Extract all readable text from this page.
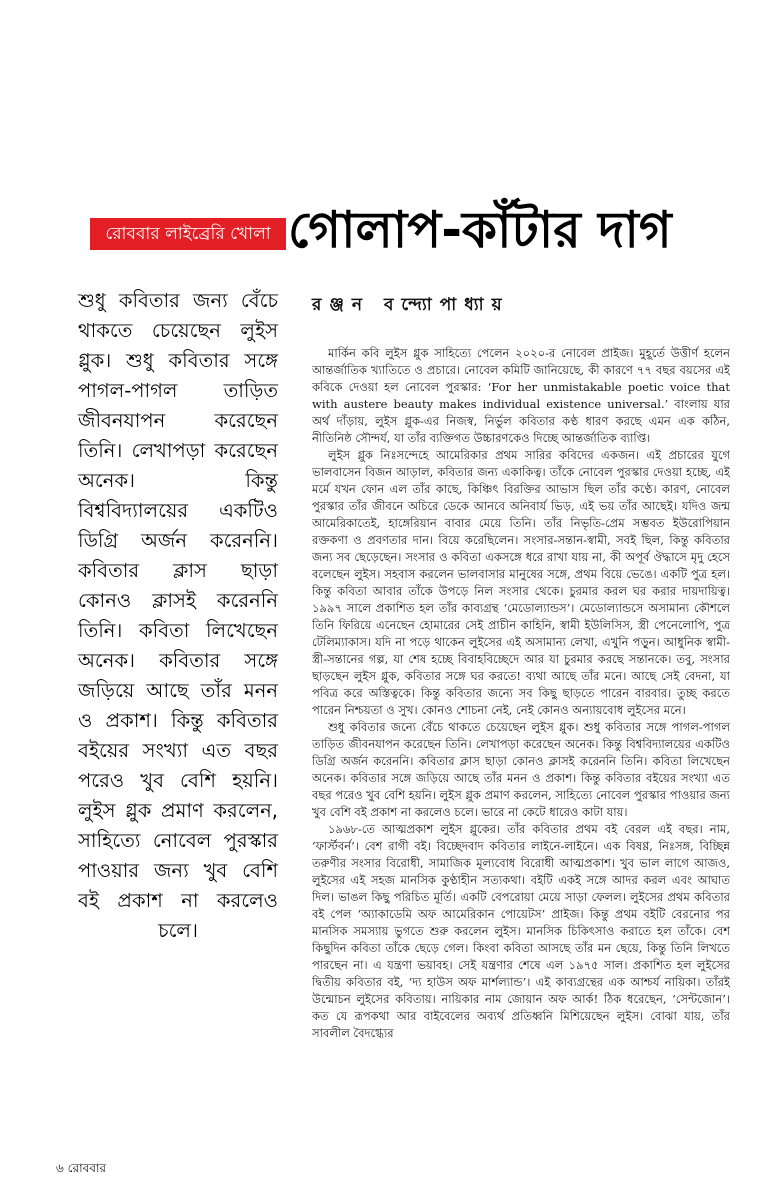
রোববার লাইব্রেরি খোলা গোলাপ-কাঁটার দাগ
রঞ্জন বন্দ্যোপাধ্যায়
শুধু কবিতার জন্য বেঁচে থাকতে চেয়েছেন লুইস গ্লুক। শুধু কবিতার সঙ্গে পাগল-পাগল তাড়িত জীবনযাপন করেছেন তিনি। লেখাপড়া করেছেন অনেক। কিন্তু বিশ্ববিদ্যালয়ের একটিও ডিগ্রি অর্জন করেননি। কবিতার ক্লাস ছাড়া কোনও ক্লাসই করেননি তিনি। কবিতা লিখেছেন অনেক। কবিতার সঙ্গে জড়িয়ে আছে তাঁর মনন ও প্রকাশ। কিন্তু কবিতার বইয়ের সংখ্যা এত বছর পরেও খুব বেশি হয়নি। লুইস গ্লুক প্রমাণ করলেন, সাহিত্যে নোবেল পুরস্কার পাওয়ার জন্য খুব বেশি বই প্রকাশ না করলেও চলে।

মার্কিন কবি লুইস গ্লুক সাহিত্যে পেলেন ২০২০-র নোবেল প্রাইজ। মুহূর্তে উত্তীর্ণ হলেন আন্তর্জাতিক খ্যাতিতে ও প্রচারে। নোবেল কমিটি জানিয়েছে, কী কারণে ৭৭ বছর বয়সের এই কবিকে দেওয়া হল নোবেল পুরস্কার: ‘For her unmistakable poetic voice that with austere beauty makes individual existence universal.’ বাংলায় যার অর্থ দাঁড়ায়, লুইস গ্লুক-এর নিজস্ব, নির্ভুল কবিতার কণ্ঠ ধারণ করছে এমন এক কঠিন, নীতিনিষ্ঠ সৌন্দর্য, যা তাঁর ব্যক্তিগত উচ্চারণকেও দিচ্ছে আন্তর্জাতিক ব্যাপ্তি।

লুইস গ্লুক নিঃসন্দেহে আমেরিকার প্রথম সারির কবিদের একজন। এই প্রচারের যুগে ভালবাসেন বিজন আড়াল, কবিতার জন্য একাকিত্ব। তাঁকে নোবেল পুরস্কার দেওয়া হচ্ছে, এই মর্মে যখন ফোন এল তাঁর কাছে, কিঞ্চিৎ বিরক্তির আভাস ছিল তাঁর কণ্ঠে। কারণ, নোবেল পুরস্কার তাঁর জীবনে অচিরে ডেকে আনবে অনিবার্য ভিড়, এই ভয় তাঁর আছেই। যদিও জন্ম আমেরিকাতেই, হাঙ্গেরিয়ান বাবার মেয়ে তিনি। তাঁর নিভৃতি-প্রেম সম্ভবত ইউরোপিয়ান রক্তকণা ও প্রবণতার দান। বিয়ে করেছিলেন। সংসার-সন্তান-স্বামী, সবই ছিল, কিন্তু কবিতার জন্য সব ছেড়েছেন। সংসার ও কবিতা একসঙ্গে ধরে রাখা যায় না, কী অপূর্ব ঔদ্ধাসে মৃদু হেসে বলেছেন লুইস। সহবাস করলেন ভালবাসার মানুষের সঙ্গে, প্রথম বিয়ে ভেঙে। একটি পুত্র হল। কিন্তু কবিতা আবার তাঁকে উপড়ে নিল সংসার থেকে। চুরমার করল ঘর করার দায়দায়িত্ব। ১৯৯৭ সালে প্রকাশিত হল তাঁর কাব্যগ্রন্থ ‘মেডোল্যান্ডস’। মেডোল্যান্ডসে অসামান্য কৌশলে তিনি ফিরিয়ে এনেছেন হোমারের সেই প্রাচীন কাহিনি, স্বামী ইউলিসিস, স্ত্রী পেনেলোপি, পুত্র টেলিম্যাকাস। যদি না পড়ে থাকেন লুইসের এই অসামান্য লেখা, এখুনি পড়ুন। আধুনিক স্বামী-স্ত্রী-সন্তানের গল্প, যা শেষ হচ্ছে বিবাহবিচ্ছেদে আর যা চুরমার করছে সন্তানকে। তবু, সংসার ছাড়ছেন লুইস গ্লুক, কবিতার সঙ্গে ঘর করতে! ব্যথা আছে তাঁর মনে। আছে সেই বেদনা, যা পবিত্র করে অস্তিত্বকে। কিন্তু কবিতার জন্যে সব কিছু ছাড়তে পারেন বারবার। তুচ্ছ করতে পারেন নিশ্চয়তা ও সুখ। কোনও শোচনা নেই, নেই কোনও অন্যায়বোধ লুইসের মনে।

শুধু কবিতার জন্যে বেঁচে থাকতে চেয়েছেন লুইস গ্লুক। শুধু কবিতার সঙ্গে পাগল-পাগল তাড়িত জীবনযাপন করেছেন তিনি। লেখাপড়া করেছেন অনেক। কিন্তু বিশ্ববিদ্যালয়ের একটিও ডিগ্রি অর্জন করেননি। কবিতার ক্লাস ছাড়া কোনও ক্লাসই করেননি তিনি। কবিতা লিখেছেন অনেক। কবিতার সঙ্গে জড়িয়ে আছে তাঁর মনন ও প্রকাশ। কিন্তু কবিতার বইয়ের সংখ্যা এত বছর পরেও খুব বেশি হয়নি। লুইস গ্লুক প্রমাণ করলেন, সাহিত্যে নোবেল পুরস্কার পাওয়ার জন্য খুব বেশি বই প্রকাশ না করলেও চলে। ভারে না কেটে ধারেও কাটা যায়।

১৯৬৮-তে আত্মপ্রকাশ লুইস গ্লুকের। তাঁর কবিতার প্রথম বই বেরল এই বছর। নাম, ‘ফার্স্টবর্ন’। বেশ রাগী বই। বিচ্ছেদবাদ কবিতার লাইনে-লাইনে। এক বিষণ্ণ, নিঃসঙ্গ, বিচ্ছিন্ন তরুণীর সংসার বিরোধী, সামাজিক মূল্যবোধ বিরোধী আত্মপ্রকাশ। খুব ভাল লাগে আজও, লুইসের এই সহজ মানসিক কুণ্ঠাহীন সত্যকথা। বইটি একই সঙ্গে আদর করল এবং আঘাত দিল। ভাঙল কিছু পরিচিত মূর্তি। একটি বেপরোয়া মেয়ে সাড়া ফেলল। লুইসের প্রথম কবিতার বই পেল ‘অ্যাকাডেমি অফ আমেরিকান পোয়েটস’ প্রাইজ। কিন্তু প্রথম বইটি বেরনোর পর মানসিক সমস্যায় ভুগতে শুরু করলেন লুইস। মানসিক চিকিৎসাও করাতে হল তাঁকে। বেশ কিছুদিন কবিতা তাঁকে ছেড়ে গেল। কিংবা কবিতা আসছে তাঁর মন ছেয়ে, কিন্তু তিনি লিখতে পারছেন না। এ যন্ত্রণা ভয়াবহ। সেই যন্ত্রণার শেষে এল ১৯৭৫ সাল। প্রকাশিত হল লুইসের দ্বিতীয় কবিতার বই, ‘দ্য হাউস অফ মার্শল্যান্ড’। এই কাব্যগ্রন্থের এক আশ্চর্য নায়িকা। তাঁরই উন্মোচন লুইসের কবিতায়। নায়িকার নাম জোয়ান অফ আর্ক! ঠিক ধরেছেন, ‘সেন্টজোন’। কত যে রূপকথা আর বাইবেলের অব্যর্থ প্রতিধ্বনি মিশিয়েছেন লুইস। বোঝা যায়, তাঁর সাবলীল বৈদগ্ধ্যের

৬ রোববার
